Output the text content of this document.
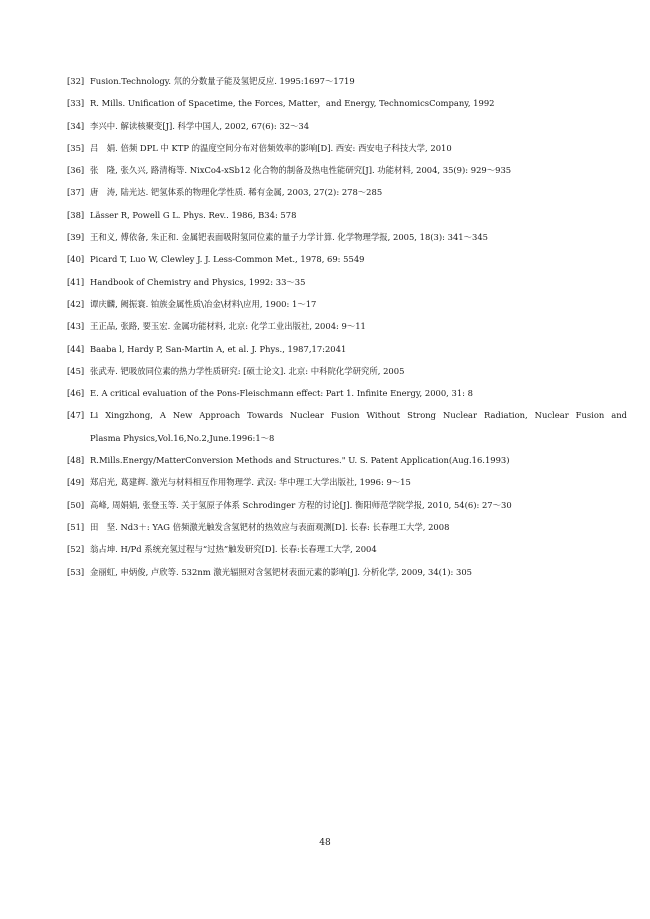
[32] Fusion.Technology. 氘的分数量子能及氢钯反应. 1995:1697～1719
[33] R. Mills. Unification of Spacetime, the Forces, Matter，and Energy, TechnomicsCompany, 1992
[34] 李兴中. 解读核聚变[J]. 科学中国人, 2002, 67(6): 32～34
[35] 吕　娟. 倍频 DPL 中 KTP 的温度空间分布对倍频效率的影响[D]. 西安: 西安电子科技大学, 2010
[36] 张　隆, 张久兴, 路清梅等. NixCo4-xSb12 化合物的制备及热电性能研究[J]. 功能材料, 2004, 35(9): 929～935
[37] 唐　涛, 陆光达. 钯氢体系的物理化学性质. 稀有金属, 2003, 27(2): 278～285
[38] Lässer R, Powell G L. Phys. Rev.. 1986, B34: 578
[39] 王和义, 傅依备, 朱正和. 金属钯表面吸附氢同位素的量子力学计算. 化学物理学报, 2005, 18(3): 341～345
[40] Picard T, Luo W, Clewley J. J. Less-Common Met., 1978, 69: 5549
[41] Handbook of Chemistry and Physics, 1992: 33～35
[42] 谭庆麟, 阙振寰. 铂族金属性质\冶金\材料\应用, 1900: 1～17
[43] 王正品, 张路, 要玉宏. 金属功能材料, 北京: 化学工业出版社, 2004: 9～11
[44] Baaba l, Hardy P, San-Martin A, et al. J. Phys., 1987,17:2041
[45] 张武寿. 钯吸放同位素的热力学性质研究: [硕士论文]. 北京: 中科院化学研究所, 2005
[46] E. A critical evaluation of the Pons-Fleischmann effect: Part 1. Infinite Energy, 2000, 31: 8
[47] Li Xingzhong, A New Approach Towards Nuclear Fusion Without Strong Nuclear Radiation, Nuclear Fusion and
Plasma Physics,Vol.16,No.2,June.1996:1～8
[48] R.Mills.Energy/MatterConversion Methods and Structures." U. S. Patent Application(Aug.16.1993)
[49] 郑启光, 葛建辉. 激光与材料相互作用物理学. 武汉: 华中理工大学出版社, 1996: 9～15
[50] 高峰, 周娟娟, 张登玉等. 关于氢原子体系 Schrodinger 方程的讨论[J]. 衡阳师范学院学报, 2010, 54(6): 27～30
[51] 田　坚. Nd3＋: YAG 倍频激光触发含氢钯材的热效应与表面观测[D]. 长春: 长春理工大学, 2008
[52] 翁占坤. H/Pd 系统充氢过程与“过热”触发研究[D]. 长春:长春理工大学, 2004
[53] 金丽虹, 申炳俊, 卢欣等. 532nm 激光辐照对含氢钯材表面元素的影响[J]. 分析化学, 2009, 34(1): 305
48
